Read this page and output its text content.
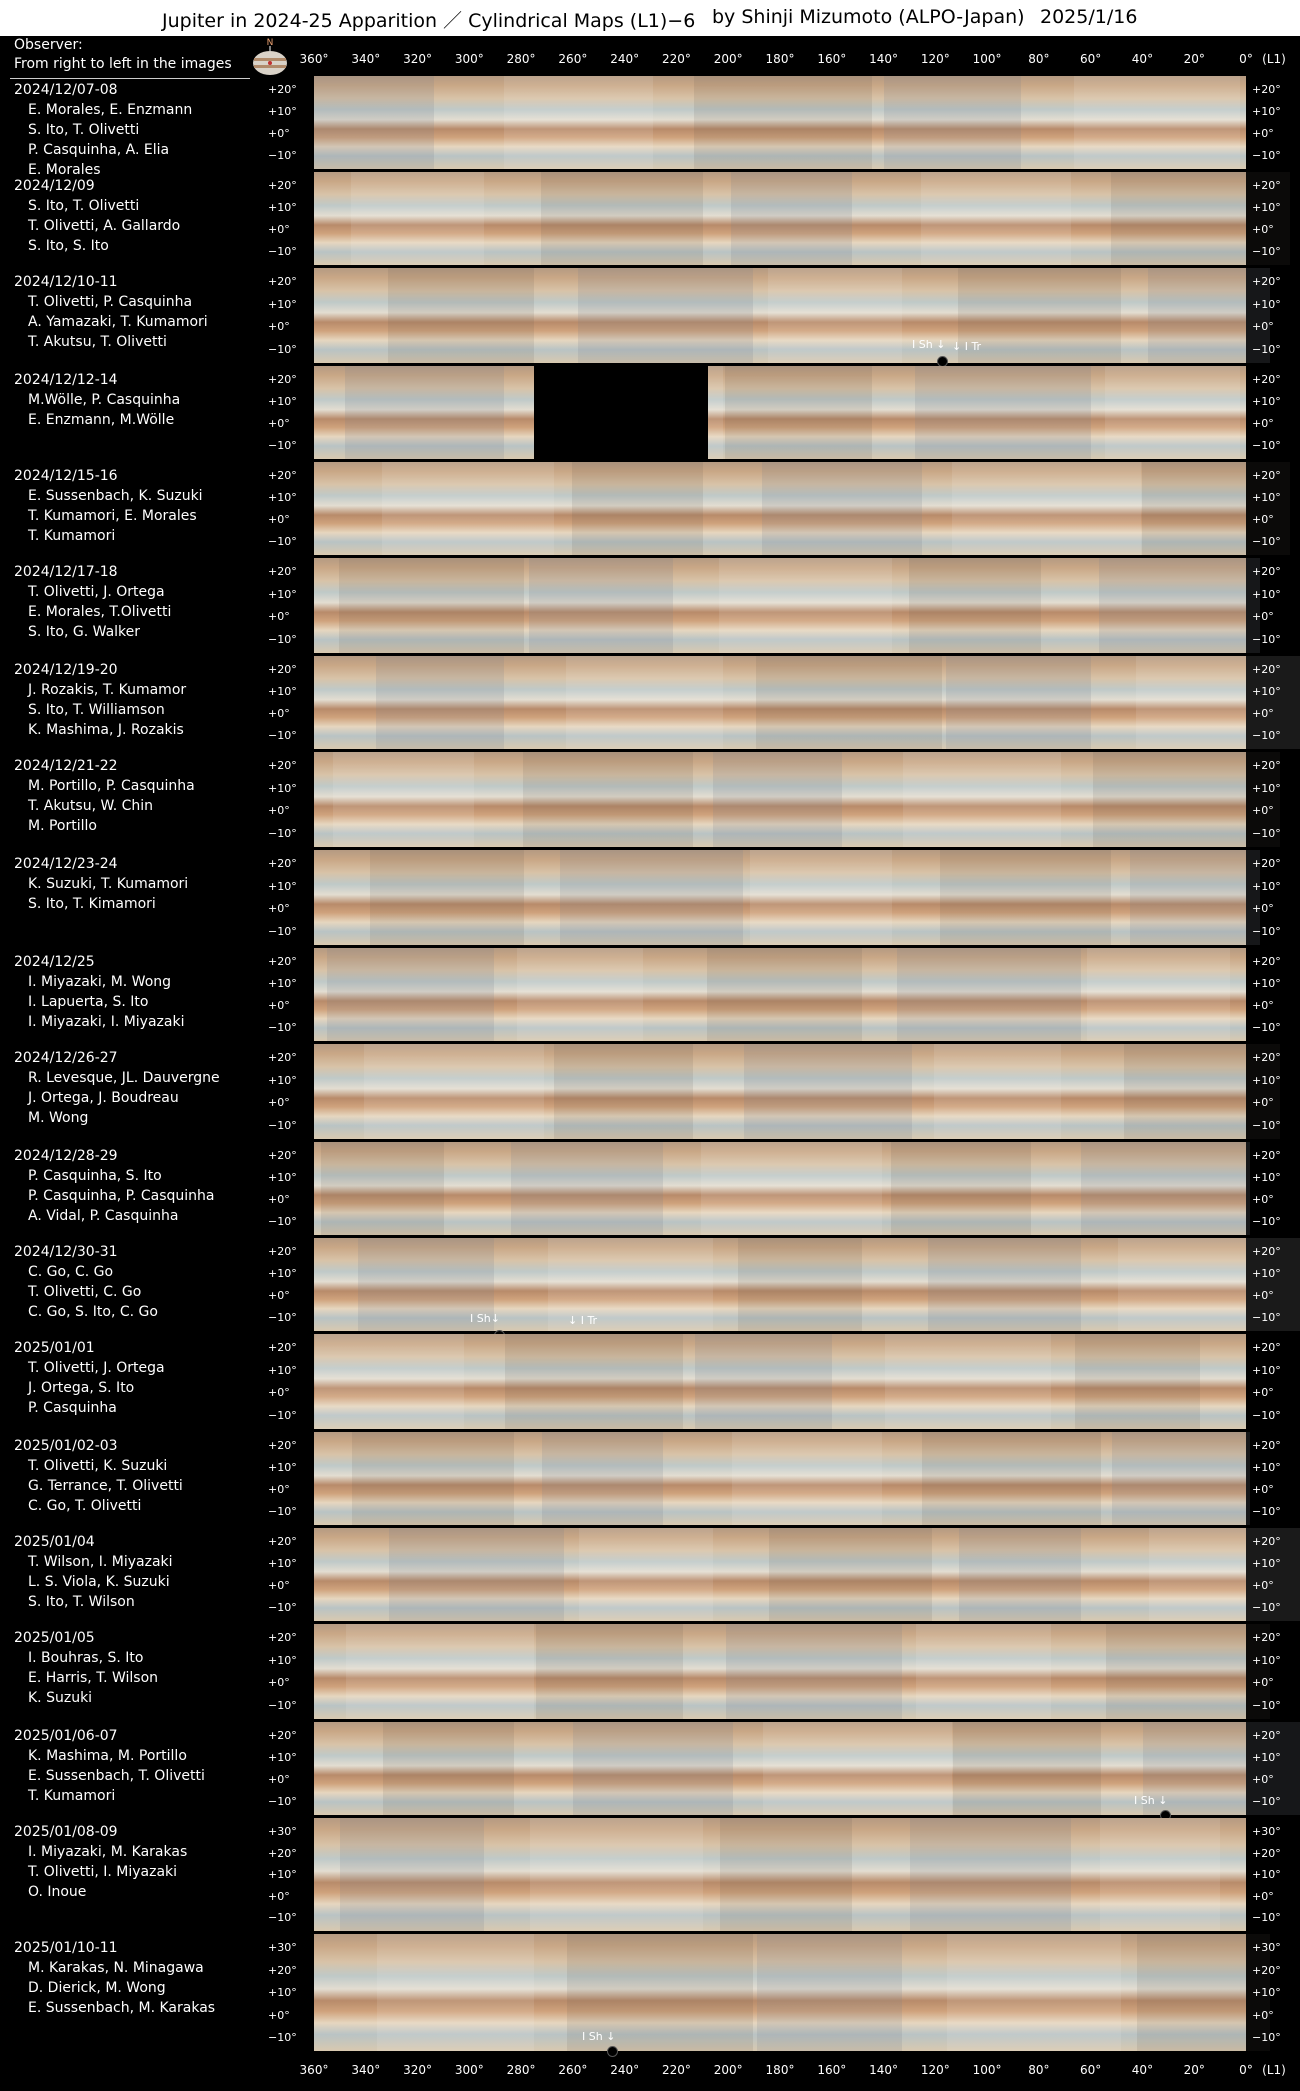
Jupiter in 2024-25 Apparition ／ Cylindrical Maps (L1)−6 by Shinji Mizumoto (ALPO-Japan) 2025/1/16
Observer:
From right to left in the images
N
360° 340° 320° 300° 280° 260° 240° 220° 200° 180° 160° 140° 120° 100° 80°	60°	40°	20°	0° (L1)
360° 340° 320° 300° 280° 260° 240° 220° 200° 180° 160° 140° 120° 100° 80°	60°	40°	20°	0° (L1)
2024/12/07-08
E. Morales, E. Enzmann
S. Ito, T. Olivetti
P. Casquinha, A. Elia
E. Morales
+20°	+20°
+10°	+10°
+0°	+0°
−10°	−10°
2024/12/09
S. Ito, T. Olivetti
T. Olivetti, A. Gallardo
S. Ito, S. Ito
+20°	+20°
+10°	+10°
+0°	+0°
−10°	−10°
2024/12/10-11
T. Olivetti, P. Casquinha
A. Yamazaki, T. Kumamori
T. Akutsu, T. Olivetti
+20°	+20°
+10°	+10°
+0°	+0°
−10°	−10°
I Sh ↓ ↓ I Tr
2024/12/12-14
M.Wölle, P. Casquinha
E. Enzmann, M.Wölle
+20°	+20°
+10°	+10°
+0°	+0°
−10°	−10°
2024/12/15-16
E. Sussenbach, K. Suzuki
T. Kumamori, E. Morales
T. Kumamori
+20°	+20°
+10°	+10°
+0°	+0°
−10°	−10°
2024/12/17-18
T. Olivetti, J. Ortega
E. Morales, T.Olivetti
S. Ito, G. Walker
+20°	+20°
+10°	+10°
+0°	+0°
−10°	−10°
2024/12/19-20
J. Rozakis, T. Kumamor
S. Ito, T. Williamson
K. Mashima, J. Rozakis
+20°	+20°
+10°	+10°
+0°	+0°
−10°	−10°
2024/12/21-22
M. Portillo, P. Casquinha
T. Akutsu, W. Chin
M. Portillo
+20°	+20°
+10°	+10°
+0°	+0°
−10°	−10°
2024/12/23-24
K. Suzuki, T. Kumamori
S. Ito, T. Kimamori
+20°	+20°
+10°	+10°
+0°	+0°
−10°	−10°
2024/12/25
I. Miyazaki, M. Wong
I. Lapuerta, S. Ito
I. Miyazaki, I. Miyazaki
+20°	+20°
+10°	+10°
+0°	+0°
−10°	−10°
2024/12/26-27
R. Levesque, JL. Dauvergne
J. Ortega, J. Boudreau
M. Wong
+20°	+20°
+10°	+10°
+0°	+0°
−10°	−10°
2024/12/28-29
P. Casquinha, S. Ito
P. Casquinha, P. Casquinha
A. Vidal, P. Casquinha
+20°	+20°
+10°	+10°
+0°	+0°
−10°	−10°
2024/12/30-31
C. Go, C. Go
T. Olivetti, C. Go
C. Go, S. Ito, C. Go
+20°	+20°
+10°	+10°
+0°	+0°
−10°	−10°
I Sh↓	↓ I Tr
2025/01/01
T. Olivetti, J. Ortega
J. Ortega, S. Ito
P. Casquinha
+20°	+20°
+10°	+10°
+0°	+0°
−10°	−10°
2025/01/02-03
T. Olivetti, K. Suzuki
G. Terrance, T. Olivetti
C. Go, T. Olivetti
+20°	+20°
+10°	+10°
+0°	+0°
−10°	−10°
2025/01/04
T. Wilson, I. Miyazaki
L. S. Viola, K. Suzuki
S. Ito, T. Wilson
+20°	+20°
+10°	+10°
+0°	+0°
−10°	−10°
2025/01/05
I. Bouhras, S. Ito
E. Harris, T. Wilson
K. Suzuki
+20°	+20°
+10°	+10°
+0°	+0°
−10°	−10°
2025/01/06-07
K. Mashima, M. Portillo
E. Sussenbach, T. Olivetti
T. Kumamori
+20°	+20°
+10°	+10°
+0°	+0°
−10°	−10°
I Sh ↓
2025/01/08-09
I. Miyazaki, M. Karakas
T. Olivetti, I. Miyazaki
O. Inoue
+30°	+30°
+20°	+20°
+10°	+10°
+0°	+0°
−10°	−10°
2025/01/10-11
M. Karakas, N. Minagawa
D. Dierick, M. Wong
E. Sussenbach, M. Karakas
+30°	+30°
+20°	+20°
+10°	+10°
+0°	+0°
−10°	−10°
I Sh ↓
